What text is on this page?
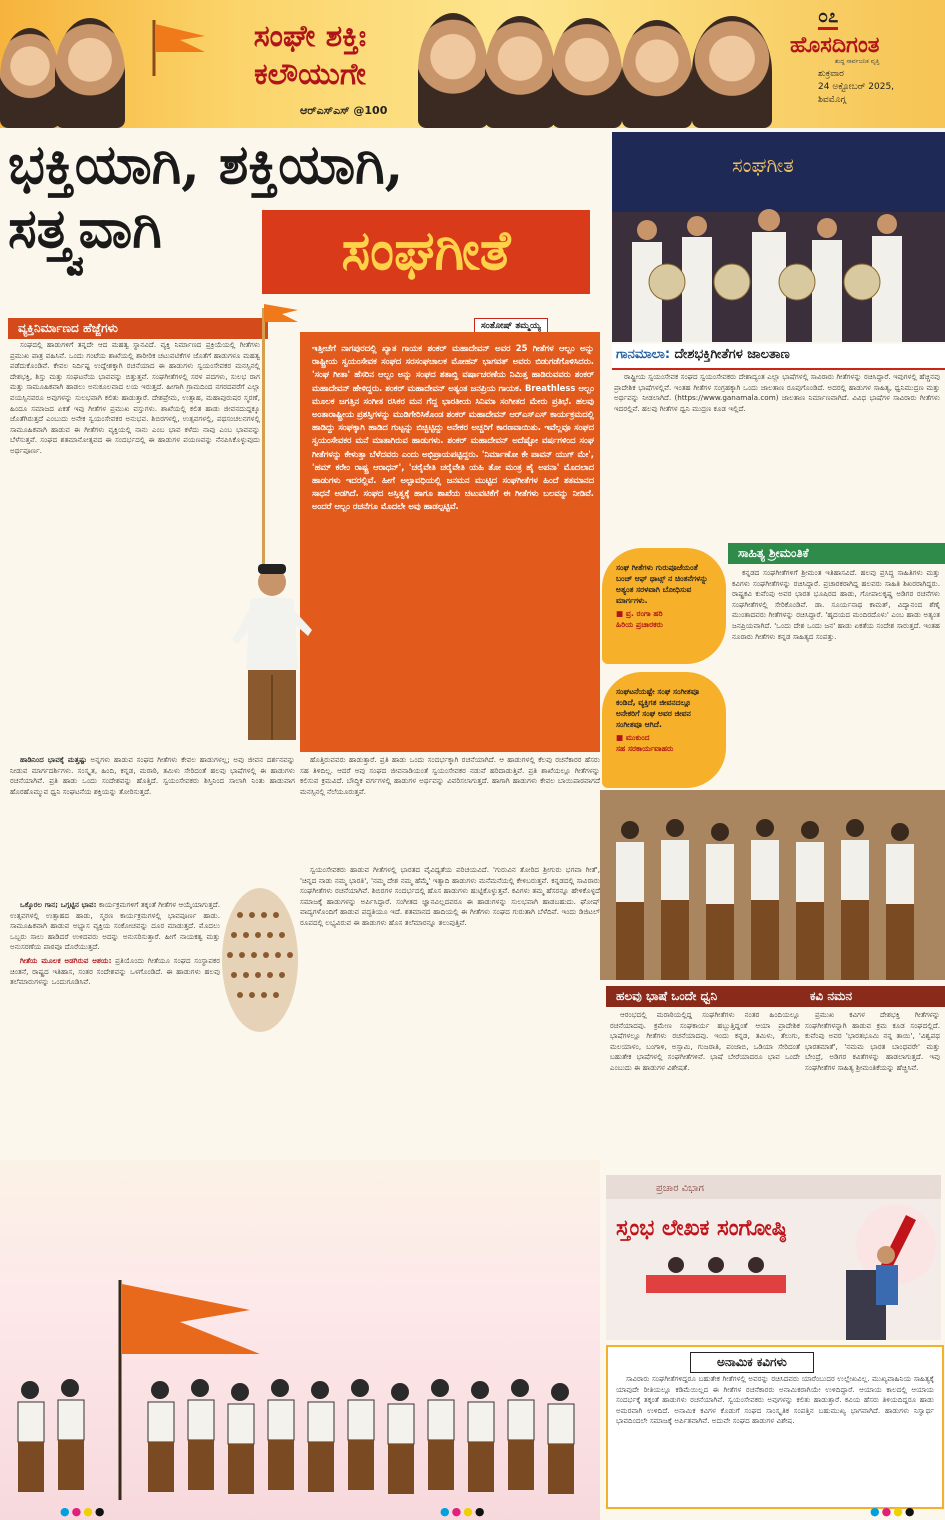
ಸಂಘೇ ಶಕ್ತಿಃ
ಕಲೌಯುಗೇ
ಆರ್‌ಎಸ್‌ಎಸ್ @100
೦೭
ಹೊಸದಿಗಂತ
ಶುದ್ಧ ಸಾರ್ವಜನಿಕ ವೃತ್ತಿ
ಶುಕ್ರವಾರ
24 ಅಕ್ಟೋಬರ್ 2025,
ಶಿವಮೊಗ್ಗ
ಭಕ್ತಿಯಾಗಿ, ಶಕ್ತಿಯಾಗಿ,
ಸತ್ತ್ವವಾಗಿ	ಸಂಘಗೀತೆ
ವ್ಯಕ್ತಿನಿರ್ಮಾಣದ ಹೆಜ್ಜೆಗಳು	ಸಂತೋಷ್ ತಮ್ಮಯ್ಯ

ಸಂಘದಲ್ಲಿ ಹಾಡುಗಳಿಗೆ ತನ್ನದೇ ಆದ ಮಹತ್ವ ಸ್ಥಾನವಿದೆ. ವ್ಯಕ್ತಿ ನಿರ್ಮಾಣದ ಪ್ರಕ್ರಿಯೆಯಲ್ಲಿ ಗೀತೆಗಳು ಪ್ರಮುಖ ಪಾತ್ರ ವಹಿಸಿವೆ. ಒಂದು ಗಂಟೆಯ ಶಾಖೆಯಲ್ಲಿ ಶಾರೀರಿಕ ಚಟುವಟಿಕೆಗಳ ಜೊತೆಗೆ ಹಾಡುಗಳೂ ಮಹತ್ವ ಪಡೆದುಕೊಂಡಿವೆ. ಕೇವಲ ನಿರ್ದಿಷ್ಟ ಉದ್ದೇಶಕ್ಕಾಗಿ ರಚನೆಯಾದ ಈ ಹಾಡುಗಳು ಸ್ವಯಂಸೇವಕರ ಮನಸ್ಸಿನಲ್ಲಿ ದೇಶಭಕ್ತಿ, ಶಿಸ್ತು ಮತ್ತು ಸಂಘಟನೆಯ ಭಾವವನ್ನು ಬಿತ್ತುತ್ತವೆ. ಸಂಘಗೀತೆಗಳಲ್ಲಿ ಸರಳ ಪದಗಳು, ಸುಲಭ ರಾಗ ಮತ್ತು ಸಾಮೂಹಿಕವಾಗಿ ಹಾಡಲು ಅನುಕೂಲವಾದ ಲಯ ಇರುತ್ತದೆ. ಹೀಗಾಗಿ ಗ್ರಾಮದಿಂದ ನಗರದವರೆಗೆ ಎಲ್ಲಾ ವಯಸ್ಸಿನವರೂ ಅವುಗಳನ್ನು ಸುಲಭವಾಗಿ ಕಲಿತು ಹಾಡುತ್ತಾರೆ. ದೇಶಪ್ರೇಮ, ಉತ್ಸಾಹ, ಮಹಾಪುರುಷರ ಸ್ಮರಣೆ, ಹಿಂದೂ ಸಮಾಜದ ಏಕತೆ ಇವು ಗೀತೆಗಳ ಪ್ರಮುಖ ವಸ್ತುಗಳು. ಶಾಖೆಯಲ್ಲಿ ಕಲಿತ ಹಾಡು ಜೀವನದುದ್ದಕ್ಕೂ ಜೊತೆಗಿರುತ್ತದೆ ಎಂಬುದು ಅನೇಕ ಸ್ವಯಂಸೇವಕರ ಅನುಭವ. ಶಿಬಿರಗಳಲ್ಲಿ, ಉತ್ಸವಗಳಲ್ಲಿ, ಪಥಸಂಚಲನಗಳಲ್ಲಿ ಸಾಮೂಹಿಕವಾಗಿ ಹಾಡುವ ಈ ಗೀತೆಗಳು ವ್ಯಕ್ತಿಯಲ್ಲಿ ನಾನು ಎಂಬ ಭಾವ ಕಳೆದು ನಾವು ಎಂಬ ಭಾವವನ್ನು ಬೆಳೆಸುತ್ತವೆ. ಸಂಘದ ಶತಮಾನೋತ್ಸವದ ಈ ಸಂದರ್ಭದಲ್ಲಿ ಈ ಹಾಡುಗಳ ಪಯಣವನ್ನು ನೆನಪಿಸಿಕೊಳ್ಳುವುದು ಅರ್ಥಪೂರ್ಣ.

ಇತ್ತೀಚೆಗೆ ನಾಗಪುರದಲ್ಲಿ ಖ್ಯಾತ ಗಾಯಕ ಶಂಕರ್ ಮಹಾದೇವನ್ ಅವರ 25 ಗೀತೆಗಳ ಆಲ್ಬಂ ಅನ್ನು ರಾಷ್ಟ್ರೀಯ ಸ್ವಯಂಸೇವಕ ಸಂಘದ ಸರಸಂಘಚಾಲಕ ಮೋಹನ್ ಭಾಗವತ್ ಅವರು ಬಿಡುಗಡೆಗೊಳಿಸಿದರು. 'ಸಂಘ ಗೀತಾ' ಹೆಸರಿನ ಆಲ್ಬಂ ಅನ್ನು ಸಂಘದ ಶತಾಬ್ದಿ ವರ್ಷಾಚರಣೆಯ ನಿಮಿತ್ತ ಹಾಡಿರುವವರು ಶಂಕರ್ ಮಹಾದೇವನ್ ಹೇಳಿದ್ದರು. ಶಂಕರ್ ಮಹಾದೇವನ್ ಅತ್ಯಂತ ಜನಪ್ರಿಯ ಗಾಯಕ. Breathless ಆಲ್ಬಂ ಮೂಲಕ ಜಗತ್ತಿನ ಸಂಗೀತ ರಸಿಕರ ಮನ ಗೆದ್ದ ಭಾರತೀಯ ಸಿನಿಮಾ ಸಂಗೀತದ ಮೇರು ಪ್ರತಿಭೆ. ಹಲವು ಅಂತಾರಾಷ್ಟ್ರೀಯ ಪ್ರಶಸ್ತಿಗಳನ್ನು ಮುಡಿಗೇರಿಸಿಕೊಂಡ ಶಂಕರ್ ಮಹಾದೇವನ್ ಆರ್‌ಎಸ್‌ಎಸ್ ಕಾರ್ಯಕ್ರಮದಲ್ಲಿ ಹಾಡಿದ್ದು ಸಂಘಕ್ಕಾಗಿ ಹಾಡಿದ ಗುಟ್ಟನ್ನು ಬಿಚ್ಚಿಟ್ಟಿದ್ದು ಅನೇಕರ ಅಚ್ಚರಿಗೆ ಕಾರಣವಾಯಿತು. ಇವೆಲ್ಲವೂ ಸಂಘದ ಸ್ವಯಂಸೇವಕರ ಮನೆ ಮಾತಾಗಿರುವ ಹಾಡುಗಳು. ಶಂಕರ್ ಮಹಾದೇವನ್ ಅದೆಷ್ಟೋ ವರ್ಷಗಳಿಂದ ಸಂಘ ಗೀತೆಗಳನ್ನು ಕೇಳುತ್ತಾ ಬೆಳೆದವರು ಎಂದು ಅಭಿಪ್ರಾಯಪಟ್ಟಿದ್ದರು. 'ನಿರ್ಮಾಣೋ ಕೇ ಪಾವನ್ ಯುಗ್ ಮೇ', 'ಹಮ್ ಕರೇಂ ರಾಷ್ಟ್ರ ಆರಾಧನ್', 'ಚರೈವೇತಿ ಚರೈವೇತಿ ಯಹಿ ತೋ ಮಂತ್ರ ಹೈ ಅಪನಾ' ಮೊದಲಾದ ಹಾಡುಗಳು ಇದರಲ್ಲಿವೆ. ಹೀಗೆ ಅಲ್ಪಾವಧಿಯಲ್ಲಿ ಜನಮನ ಮುಟ್ಟಿದ ಸಂಘಗೀತೆಗಳ ಹಿಂದೆ ಶತಮಾನದ ಸಾಧನೆ ಅಡಗಿದೆ. ಸಂಘದ ಅಸ್ತಿತ್ವಕ್ಕೆ ಹಾಗೂ ಶಾಖೆಯ ಚಟುವಟಿಕೆಗೆ ಈ ಗೀತೆಗಳು ಬಲವನ್ನು ನೀಡಿವೆ. ಅಂದರೆ ಆಲ್ಬಂ ರಚನೆಗೂ ಮೊದಲೇ ಅವು ಹಾಡಲ್ಪಟ್ಟಿವೆ.

ಹಾಡಿನಿಂದ ಭಾವಕ್ಕೆ ಮತ್ತಷ್ಟು ಅನ್ನಗಳು ಹಾಡುವ ಸಂಘದ ಗೀತೆಗಳು ಕೇವಲ ಹಾಡುಗಳಲ್ಲ; ಅವು ಜೀವನ ದರ್ಶನವನ್ನು ನೀಡುವ ಮಾರ್ಗದರ್ಶಿಗಳು. ಸಂಸ್ಕೃತ, ಹಿಂದಿ, ಕನ್ನಡ, ಮರಾಠಿ, ತಮಿಳು ಸೇರಿದಂತೆ ಹಲವು ಭಾಷೆಗಳಲ್ಲಿ ಈ ಹಾಡುಗಳು ರಚನೆಯಾಗಿವೆ. ಪ್ರತಿ ಹಾಡು ಒಂದು ಸಂದೇಶವನ್ನು ಹೊತ್ತಿದೆ. ಸ್ವಯಂಸೇವಕರು ಶಿಸ್ತಿನಿಂದ ಸಾಲಾಗಿ ನಿಂತು ಹಾಡುವಾಗ ಹೊರಹೊಮ್ಮುವ ಧ್ವನಿ ಸಂಘಟನೆಯ ಶಕ್ತಿಯನ್ನು ತೋರಿಸುತ್ತದೆ.

ಒಕ್ಕೊರಲ ಗಾನ; ಒಗ್ಗಟ್ಟಿನ ಭಾವ: ಕಾರ್ಯಕ್ರಮಗಳಿಗೆ ತಕ್ಕಂತೆ ಗೀತೆಗಳ ಆಯ್ಕೆಯಾಗುತ್ತದೆ. ಉತ್ಸವಗಳಲ್ಲಿ ಉತ್ಸಾಹದ ಹಾಡು, ಸ್ಮರಣ ಕಾರ್ಯಕ್ರಮಗಳಲ್ಲಿ ಭಾವಪೂರ್ಣ ಹಾಡು. ಸಾಮೂಹಿಕವಾಗಿ ಹಾಡುವ ಅಭ್ಯಾಸ ವ್ಯಕ್ತಿಯ ಸಂಕೋಚವನ್ನು ದೂರ ಮಾಡುತ್ತದೆ. ಮೊದಲು ಒಬ್ಬರು ಸಾಲು ಹಾಡಿದರೆ ಉಳಿದವರು ಅದನ್ನು ಅನುಸರಿಸುತ್ತಾರೆ. ಹೀಗೆ ನಾಯಕತ್ವ ಮತ್ತು ಅನುಸರಣೆಯ ಪಾಠವೂ ದೊರೆಯುತ್ತದೆ.

ಗೀತೆಯ ಮೂಲಕ ಅಡಗಿರುವ ಆಶಯ: ಪ್ರತಿಯೊಂದು ಗೀತೆಯೂ ಸಂಘದ ಸಂಸ್ಥಾಪಕರ ಚಿಂತನೆ, ರಾಷ್ಟ್ರದ ಇತಿಹಾಸ, ಸಂತರ ಸಂದೇಶವನ್ನು ಒಳಗೊಂಡಿದೆ. ಈ ಹಾಡುಗಳು ಹಲವು ತಲೆಮಾರುಗಳನ್ನು ಒಂದುಗೂಡಿಸಿವೆ.

ಹೊತ್ತಿರುವವರು ಹಾಡುತ್ತಾರೆ. ಪ್ರತಿ ಹಾಡು ಒಂದು ಸಂದರ್ಭಕ್ಕಾಗಿ ರಚನೆಯಾಗಿದೆ. ಆ ಹಾಡುಗಳಲ್ಲಿ ಕೆಲವು ರಚನೆಕಾರರ ಹೆಸರು ಸಹ ತಿಳಿದಿಲ್ಲ. ಆದರೆ ಅವು ಸಂಘದ ಜೀವನಾಡಿಯಂತೆ ಸ್ವಯಂಸೇವಕರ ನಡುವೆ ಹರಿದಾಡುತ್ತಿವೆ. ಪ್ರತಿ ಶಾಖೆಯಲ್ಲೂ ಗೀತೆಗಳನ್ನು ಕಲಿಸುವ ಕ್ರಮವಿದೆ. ಬೌದ್ಧಿಕ ವರ್ಗಗಳಲ್ಲಿ ಹಾಡುಗಳ ಅರ್ಥವನ್ನು ವಿವರಿಸಲಾಗುತ್ತದೆ. ಹಾಗಾಗಿ ಹಾಡುಗಳು ಕೇವಲ ಬಾಯಿಪಾಠವಾಗದೆ ಮನಸ್ಸಿನಲ್ಲಿ ನೆಲೆಯೂರುತ್ತವೆ.

ಸ್ವಯಂಸೇವಕರು ಹಾಡುವ ಗೀತೆಗಳಲ್ಲಿ ಭಾರತದ ವೈವಿಧ್ಯತೆಯ ಪರಿಚಯವಿದೆ. 'ಗುರುವಿನ ತೋರಿದ ಶ್ರೀಗುರು ಭಗವಾ ಗೀತೆ', 'ಚಿನ್ನದ ನಾಡು ನಮ್ಮ ಭಾರತಿ', 'ನಮ್ಮ ದೇಶ ನಮ್ಮ ಹೆಮ್ಮೆ' ಇತ್ಯಾದಿ ಹಾಡುಗಳು ಮನೆಮನೆಯಲ್ಲಿ ಕೇಳಿಬರುತ್ತವೆ. ಕನ್ನಡದಲ್ಲಿ ಸಾವಿರಾರು ಸಂಘಗೀತೆಗಳು ರಚನೆಯಾಗಿವೆ. ಶಿಬಿರಗಳ ಸಂದರ್ಭದಲ್ಲಿ ಹೊಸ ಹಾಡುಗಳು ಹುಟ್ಟಿಕೊಳ್ಳುತ್ತವೆ. ಕವಿಗಳು ತಮ್ಮ ಹೆಸರನ್ನೂ ಹೇಳಿಕೊಳ್ಳದೆ ಸಮಾಜಕ್ಕೆ ಹಾಡುಗಳನ್ನು ಅರ್ಪಿಸಿದ್ದಾರೆ. ಸಂಗೀತದ ಜ್ಞಾನವಿಲ್ಲದವರೂ ಈ ಹಾಡುಗಳನ್ನು ಸುಲಭವಾಗಿ ಹಾಡಬಹುದು. ಘೋಷ್ ವಾದ್ಯಗಳೊಂದಿಗೆ ಹಾಡುವ ಪದ್ಧತಿಯೂ ಇದೆ. ಶತಮಾನದ ಹಾದಿಯಲ್ಲಿ ಈ ಗೀತೆಗಳು ಸಂಘದ ಗುರುತಾಗಿ ಬೆಳೆದಿವೆ. ಇಂದು ಡಿಜಿಟಲ್ ರೂಪದಲ್ಲಿ ಲಭ್ಯವಿರುವ ಈ ಹಾಡುಗಳು ಹೊಸ ತಲೆಮಾರನ್ನೂ ತಲುಪುತ್ತಿವೆ.

ಸಂಘಗೀತ
ಗಾನಮಾಲಾ: ದೇಶಭಕ್ತಿಗೀತೆಗಳ ಜಾಲತಾಣ

ರಾಷ್ಟ್ರೀಯ ಸ್ವಯಂಸೇವಕ ಸಂಘದ ಸ್ವಯಂಸೇವಕರು ದೇಶಾದ್ಯಂತ ಎಲ್ಲಾ ಭಾಷೆಗಳಲ್ಲಿ ಸಾವಿರಾರು ಗೀತೆಗಳನ್ನು ರಚಿಸಿದ್ದಾರೆ. ಇವುಗಳಲ್ಲಿ ಹೆಚ್ಚಿನವು ಪ್ರಾದೇಶಿಕ ಭಾಷೆಗಳಲ್ಲಿವೆ. ಇಂತಹ ಗೀತೆಗಳ ಸಂಗ್ರಹಕ್ಕಾಗಿ ಒಂದು ಜಾಲತಾಣ ರೂಪುಗೊಂಡಿದೆ. ಅದರಲ್ಲಿ ಹಾಡುಗಳ ಸಾಹಿತ್ಯ, ಧ್ವನಿಮುದ್ರಣ ಮತ್ತು ಅರ್ಥವನ್ನು ನೀಡಲಾಗಿದೆ. (https://www.ganamala.com) ಜಾಲತಾಣ ನಿರ್ಮಾಣವಾಗಿದೆ. ವಿವಿಧ ಭಾಷೆಗಳ ಸಾವಿರಾರು ಗೀತೆಗಳು ಇದರಲ್ಲಿವೆ. ಹಲವು ಗೀತೆಗಳ ಧ್ವನಿ ಮುದ್ರಣ ಕೂಡ ಇಲ್ಲಿದೆ.

ಸಂಘ ಗೀತೆಗಳು ಗುರುಪೂಜೆಯಂತೆ ಬಂಚ್ ಆಫ್ ಥಾಟ್ಸ್ ನ ಚಿಂತನೆಗಳನ್ನು ಅತ್ಯಂತ ಸರಳವಾಗಿ ಬೋಧಿಸುವ ಮಾರ್ಗಗಳು.
■ ವ್ರ. ರಂಗಾ ಹರಿ
ಹಿರಿಯ ಪ್ರಚಾರಕರು
ಸಂಘಟನೆಯಷ್ಟೇ ಸಂಘ ಸಂಗೀತವೂ ಕಂಡಿದೆ, ವ್ಯಕ್ತಿಗತ ಜೀವನದಲ್ಲೂ ಅನೇಕರಿಗೆ ಸಂಘ ಅವರ ಜೀವನ ಸಂಗೀತವೂ ಆಗಿದೆ.
■ ಮುಕುಂದ
ಸಹ ಸರಕಾರ್ಯವಾಹರು
ಸಾಹಿತ್ಯ ಶ್ರೀಮಂತಿಕೆ

ಕನ್ನಡದ ಸಂಘಗೀತೆಗಳಿಗೆ ಶ್ರೀಮಂತ ಇತಿಹಾಸವಿದೆ. ಹಲವು ಪ್ರಸಿದ್ಧ ಸಾಹಿತಿಗಳು ಮತ್ತು ಕವಿಗಳು ಸಂಘಗೀತೆಗಳನ್ನು ರಚಿಸಿದ್ದಾರೆ. ಪ್ರಚಾರಕರಾಗಿದ್ದ ಹಲವರು ಸಾಹಿತಿ ಶಿಖರರಾಗಿದ್ದರು. ರಾಷ್ಟ್ರಕವಿ ಕುವೆಂಪು ಅವರ ಭಾರತ ಭೂಷಿರದ ಹಾಡು, ಗೋಪಾಲಕೃಷ್ಣ ಅಡಿಗರ ರಚನೆಗಳು ಸಂಘಗೀತೆಗಳಲ್ಲಿ ಸೇರಿಕೊಂಡಿವೆ. ಡಾ. ಸೂರ್ಯನಾಥ ಕಾಮತ್, ವಿದ್ಯಾನಂದ ಶೆಣೈ ಮುಂತಾದವರು ಗೀತೆಗಳನ್ನು ರಚಿಸಿದ್ದಾರೆ. 'ಹೃದಯದ ಮಂದಿರದೊಳು' ಎಂಬ ಹಾಡು ಅತ್ಯಂತ ಜನಪ್ರಿಯವಾಗಿದೆ. 'ಒಂದು ದೇಶ ಒಂದು ಜನ' ಹಾಡು ಏಕತೆಯ ಸಂದೇಶ ಸಾರುತ್ತದೆ. ಇಂತಹ ನೂರಾರು ಗೀತೆಗಳು ಕನ್ನಡ ಸಾಹಿತ್ಯದ ಸಂಪತ್ತು.

ಹಲವು ಭಾಷೆ ಒಂದೇ ಧ್ವನಿ

ಆರಂಭದಲ್ಲಿ ಮರಾಠಿಯಲ್ಲಿದ್ದ ಸಂಘಗೀತೆಗಳು ನಂತರ ಹಿಂದಿಯಲ್ಲೂ ರಚನೆಯಾದವು. ಕ್ರಮೇಣ ಸಂಘಕಾರ್ಯ ಹಬ್ಬುತ್ತಿದ್ದಂತೆ ಆಯಾ ಪ್ರಾದೇಶಿಕ ಭಾಷೆಗಳಲ್ಲೂ ಗೀತೆಗಳು ರಚನೆಯಾದವು. ಇಂದು ಕನ್ನಡ, ತಮಿಳು, ತೆಲುಗು, ಮಲಯಾಳಂ, ಬಂಗಾಳಿ, ಅಸ್ಸಾಮಿ, ಗುಜರಾತಿ, ಪಂಜಾಬಿ, ಒಡಿಯಾ ಸೇರಿದಂತೆ ಬಹುತೇಕ ಭಾಷೆಗಳಲ್ಲಿ ಸಂಘಗೀತೆಗಳಿವೆ. ಭಾಷೆ ಬೇರೆಯಾದರೂ ಭಾವ ಒಂದೇ ಎಂಬುದು ಈ ಹಾಡುಗಳ ವಿಶೇಷತೆ.

ಕವಿ ನಮನ

ಪ್ರಮುಖ ಕವಿಗಳ ದೇಶಭಕ್ತಿ ಗೀತೆಗಳನ್ನು ಸಂಘಗೀತೆಗಳನ್ನಾಗಿ ಹಾಡುವ ಕ್ರಮ ಕೂಡ ಸಂಘದಲ್ಲಿದೆ. ಕುವೆಂಪು ಅವರ 'ಭಾರತಭೂಮಿ ನನ್ನ ತಾಯಿ', 'ವಿಶ್ವಪಥ ಭಾರತಮಾತೆ', 'ನಮಮ ಭಾರತ ಬಾಂಧವರೇ' ಮತ್ತು ಬೇಂದ್ರೆ, ಅಡಿಗರ ಕವಿತೆಗಳನ್ನು ಹಾಡಲಾಗುತ್ತದೆ. ಇವು ಸಂಘಗೀತೆಗಳ ಸಾಹಿತ್ಯ ಶ್ರೀಮಂತಿಕೆಯನ್ನು ಹೆಚ್ಚಿಸಿವೆ.

ಪ್ರಚಾರ ವಿಭಾಗ
ಸ್ತಂಭ ಲೇಖಕ ಸಂಗೋಷ್ಠಿ
ಅನಾಮಿಕ ಕವಿಗಳು

ಸಾವಿರಾರು ಸಂಘಗೀತೆಗಳಿದ್ದರೂ ಬಹುತೇಕ ಗೀತೆಗಳಲ್ಲಿ ಅವರನ್ನು ರಚಿಸಿದವರು ಯಾರೆಂಬುದರ ಉಲ್ಲೇಖವಿಲ್ಲ. ಮುಖ್ಯವಾಹಿನಿಯ ಸಾಹಿತ್ಯಕ್ಕೆ ಯಾವುದೇ ರೀತಿಯಲ್ಲೂ ಕಡಿಮೆಯಿಲ್ಲದ ಈ ಗೀತೆಗಳ ರಚನೆಕಾರರು ಅನಾಮಿಕರಾಗಿಯೇ ಉಳಿದಿದ್ದಾರೆ. ಆಯಾಯ ಕಾಲದಲ್ಲಿ ಆಯಾಯ ಸಂದರ್ಭಕ್ಕೆ ತಕ್ಕಂತೆ ಹಾಡುಗಳು ರಚನೆಯಾಗಿವೆ. ಸ್ವಯಂಸೇವಕರು ಅವುಗಳನ್ನು ಕಲಿತು ಹಾಡುತ್ತಾರೆ. ಕವಿಯ ಹೆಸರು ತಿಳಿಯದಿದ್ದರೂ ಹಾಡು ಅಮರವಾಗಿ ಉಳಿದಿದೆ. ಅನಾಮಿಕ ಕವಿಗಳ ಕೊಡುಗೆ ಸಂಘದ ಸಾಂಸ್ಕೃತಿಕ ಸಂಪತ್ತಿನ ಬಹುಮುಖ್ಯ ಭಾಗವಾಗಿದೆ. ಹಾಡುಗಳು ನಿಸ್ವಾರ್ಥ ಭಾವದಿಂದಲೇ ಸಮಾಜಕ್ಕೆ ಅರ್ಪಿತವಾಗಿವೆ. ಅದುವೇ ಸಂಘದ ಹಾಡುಗಳ ವಿಶೇಷ.

●●●●	●●●●	●●●●
